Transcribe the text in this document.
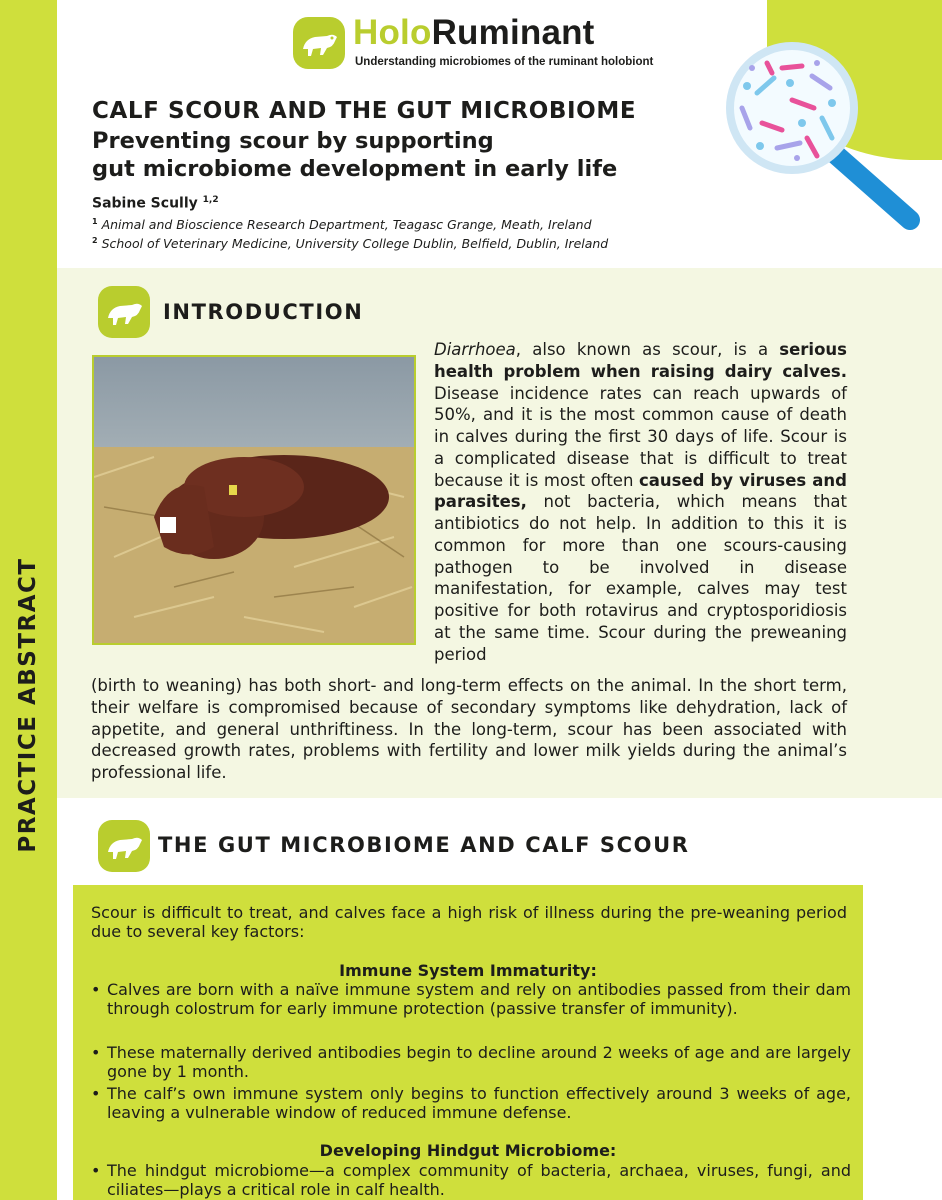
PRACTICE ABSTRACT
HoloRuminant
Understanding microbiomes of the ruminant holobiont
CALF SCOUR AND THE GUT MICROBIOME
Preventing scour by supporting
gut microbiome development in early life
Sabine Scully $^{1,2}$
$^1$ Animal and Bioscience Research Department, Teagasc Grange, Meath, Ireland
$^2$ School of Veterinary Medicine, University College Dublin, Belfield, Dublin, Ireland
INTRODUCTION
Diarrhoea, also known as scour, is a serious health problem when raising dairy calves. Disease incidence rates can reach upwards of 50%, and it is the most common cause of death in calves during the first 30 days of life. Scour is a complicated disease that is difficult to treat because it is most often caused by viruses and parasites, not bacteria, which means that antibiotics do not help. In addition to this it is common for more than one scours-causing pathogen to be involved in disease manifestation, for example, calves may test positive for both rotavirus and cryptosporidiosis at the same time. Scour during the preweaning period
(birth to weaning) has both short- and long-term effects on the animal. In the short term, their welfare is compromised because of secondary symptoms like dehydration, lack of appetite, and general unthriftiness. In the long-term, scour has been associated with decreased growth rates, problems with fertility and lower milk yields during the animal’s professional life.
THE GUT MICROBIOME AND CALF SCOUR
Scour is difficult to treat, and calves face a high risk of illness during the pre-weaning period due to several key factors:
Immune System Immaturity:
• Calves are born with a naïve immune system and rely on antibodies passed from their dam through colostrum for early immune protection (passive transfer of immunity).
• These maternally derived antibodies begin to decline around 2 weeks of age and are largely gone by 1 month.
• The calf’s own immune system only begins to function effectively around 3 weeks of age, leaving a vulnerable window of reduced immune defense.
Developing Hindgut Microbiome:
• The hindgut microbiome—a complex community of bacteria, archaea, viruses, fungi, and ciliates—plays a critical role in calf health.
